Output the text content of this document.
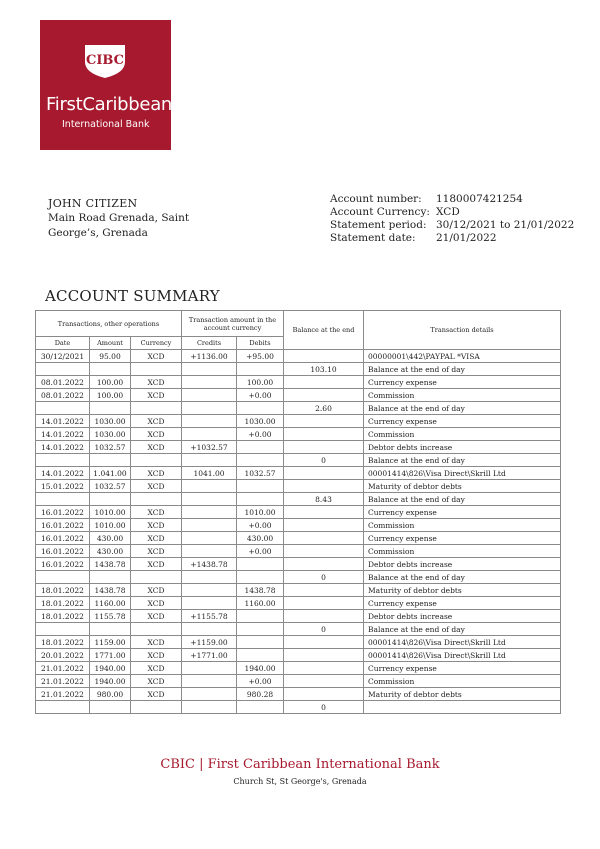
CIBC
FirstCaribbean
International Bank
JOHN CITIZEN
Main Road Grenada, Saint
George’s, Grenada
Account number:	1180007421254
Account Currency: XCD
Statement period: 30/12/2021 to 21/01/2022
Statement date:	21/01/2022
ACCOUNT SUMMARY
Transactions, other operations			Transaction amount in the account currency		Balance at the end	Transaction details
Date	Amount	Currency	Credits	Debits		
30/12/2021	95.00	XCD	+1136.00	+95.00		00000001\442\PAYPAL *VISA
					103.10	Balance at the end of day
08.01.2022	100.00	XCD		100.00		Currency expense
08.01.2022	100.00	XCD		+0.00		Commission
					2.60	Balance at the end of day
14.01.2022	1030.00	XCD		1030.00		Currency expense
14.01.2022	1030.00	XCD		+0.00		Commission
14.01.2022	1032.57	XCD	+1032.57			Debtor debts increase
					0	Balance at the end of day
14.01.2022	1.041.00	XCD	1041.00	1032.57		00001414\826\Visa Direct\Skrill Ltd
15.01.2022	1032.57	XCD				Maturity of debtor debts
					8.43	Balance at the end of day
16.01.2022	1010.00	XCD		1010.00		Currency expense
16.01.2022	1010.00	XCD		+0.00		Commission
16.01.2022	430.00	XCD		430.00		Currency expense
16.01.2022	430.00	XCD		+0.00		Commission
16.01.2022	1438.78	XCD	+1438.78			Debtor debts increase
					0	Balance at the end of day
18.01.2022	1438.78	XCD		1438.78		Maturity of debtor debts
18.01.2022	1160.00	XCD		1160.00		Currency expense
18.01.2022	1155.78	XCD	+1155.78			Debtor debts increase
					0	Balance at the end of day
18.01.2022	1159.00	XCD	+1159.00			00001414\826\Visa Direct\Skrill Ltd
20.01.2022	1771.00	XCD	+1771.00			00001414\826\Visa Direct\Skrill Ltd
21.01.2022	1940.00	XCD		1940.00		Currency expense
21.01.2022	1940.00	XCD		+0.00		Commission
21.01.2022	980.00	XCD		980.28		Maturity of debtor debts
					0	
CBIC | First Caribbean International Bank
Church St, St George's, Grenada
